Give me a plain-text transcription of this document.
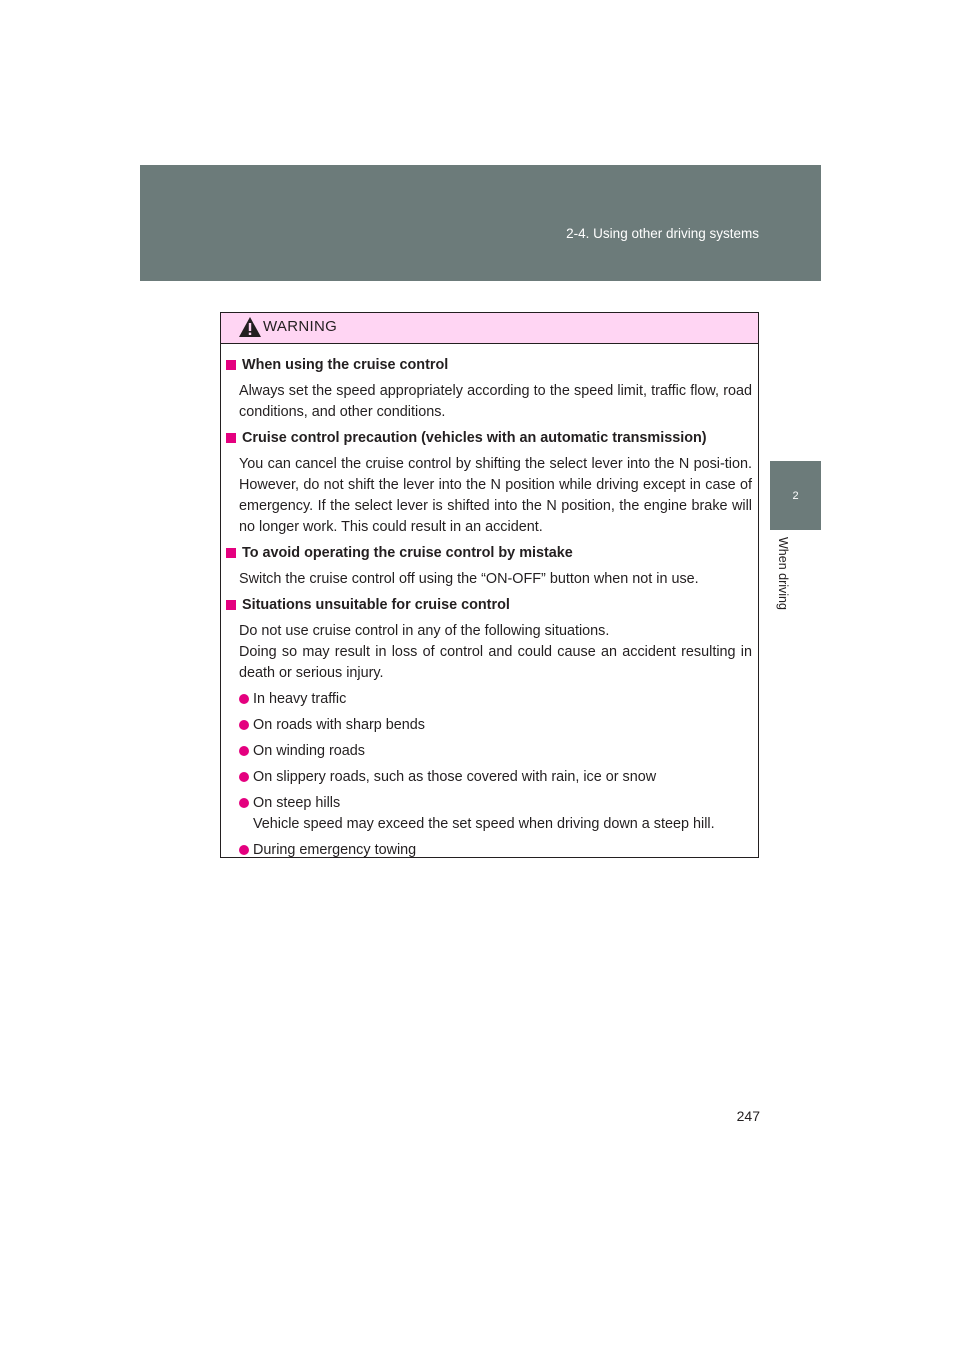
2-4. Using other driving systems
2
When driving
WARNING
When using the cruise control

Always set the speed appropriately according to the speed limit, traffic flow, road conditions, and other conditions.

Cruise control precaution (vehicles with an automatic transmission)

You can cancel the cruise control by shifting the select lever into the N posi-tion. However, do not shift the lever into the N position while driving except in case of emergency. If the select lever is shifted into the N position, the engine brake will no longer work. This could result in an accident.

To avoid operating the cruise control by mistake

Switch the cruise control off using the “ON-OFF” button when not in use.

Situations unsuitable for cruise control

Do not use cruise control in any of the following situations.

Doing so may result in loss of control and could cause an accident resulting in death or serious injury.

In heavy traffic
On roads with sharp bends
On winding roads
On slippery roads, such as those covered with rain, ice or snow
On steep hills
Vehicle speed may exceed the set speed when driving down a steep hill.
During emergency towing
247
